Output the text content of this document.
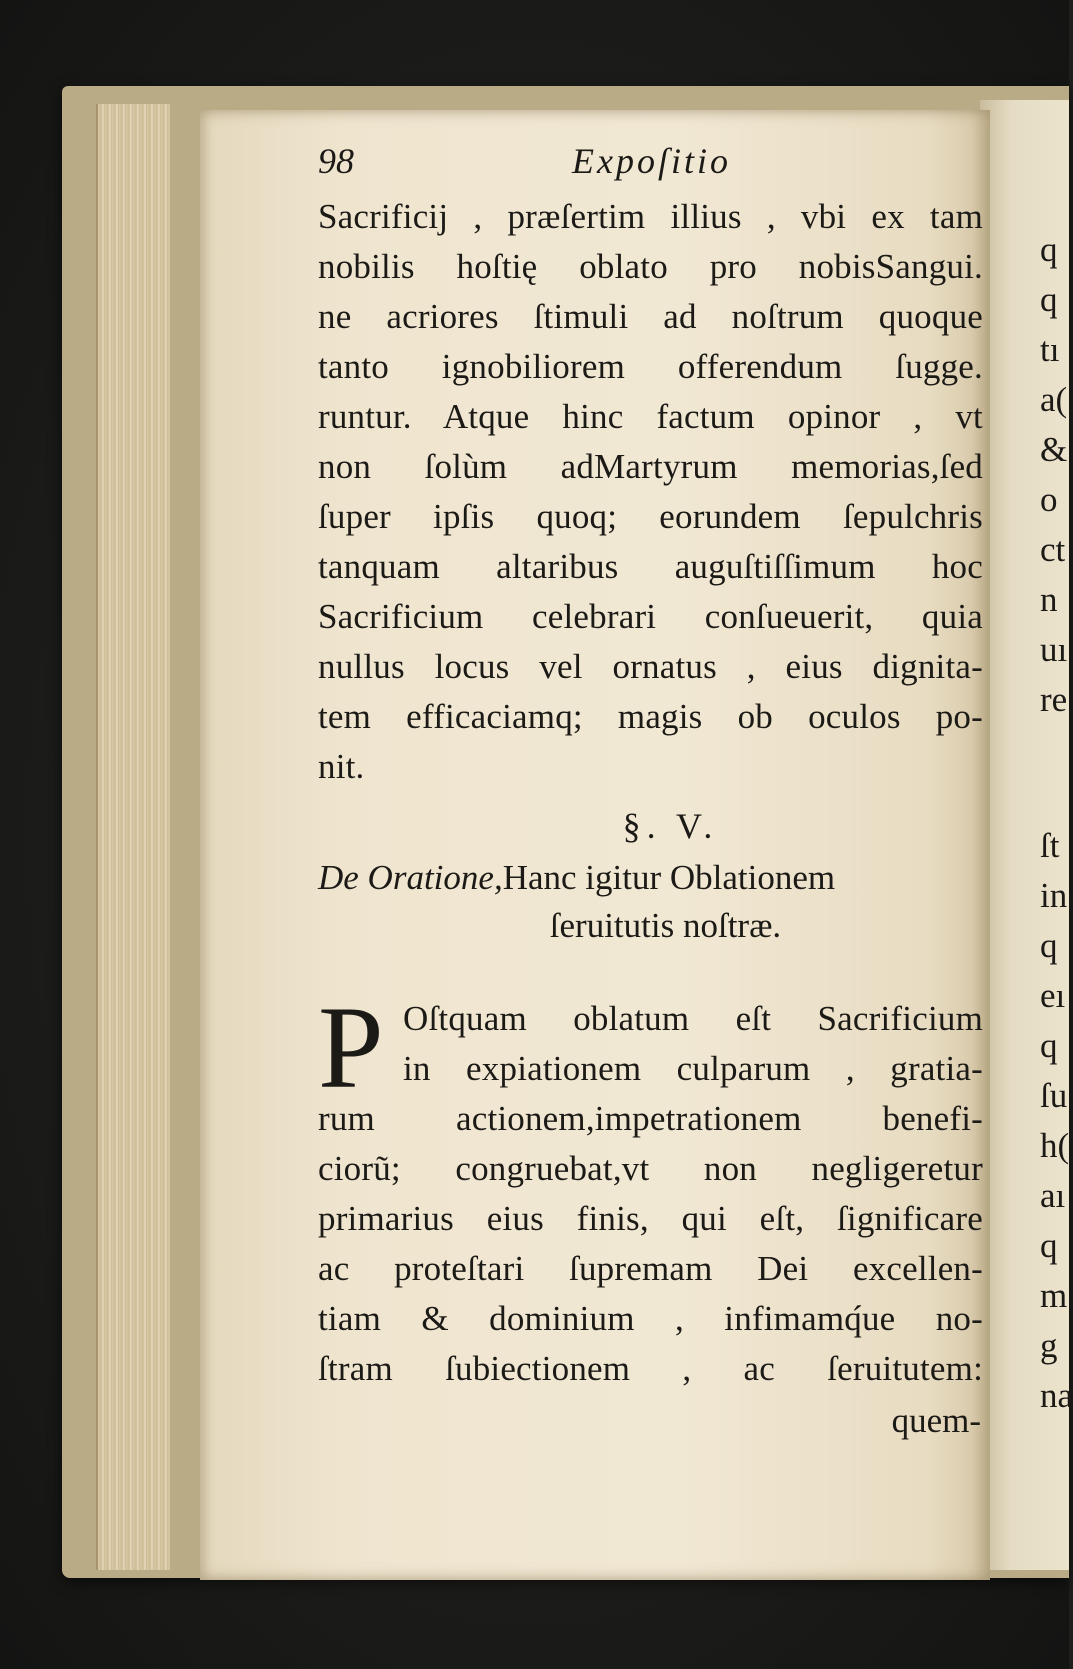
98	Expoſitio
Sacrificij , præſertim illius , vbi ex tam
nobilis hoſtię oblato pro nobisSangui.
ne acriores ſtimuli ad noſtrum quoque
tanto ignobiliorem offerendum ſugge.
runtur. Atque hinc factum opinor , vt
non ſolùm adMartyrum memorias,ſed
ſuper ipſis quoq; eorundem ſepulchris
tanquam altaribus auguſtiſſimum hoc
Sacrificium celebrari conſueuerit, quia
nullus locus vel ornatus , eius dignita-
tem efficaciamq; magis ob oculos po-
nit.
§. V.
De Oratione,Hanc igitur Oblationem
ſeruitutis noſtræ.
P Oſtquam oblatum eſt Sacrificium
in expiationem culparum , gratia-
rum actionem,impetrationem benefi-
ciorũ; congruebat,vt non negligeretur
primarius eius finis, qui eſt, ſignificare
ac proteſtari ſupremam Dei excellen-
tiam & dominium , infimamq́ue no-
ſtram ſubiectionem , ac ſeruitutem:
quem-
q
q
tı
a(
&
o
ct
n
uı
re
ſt
in
q
eı
q
ſu
h(
aı
q
m
g
na
